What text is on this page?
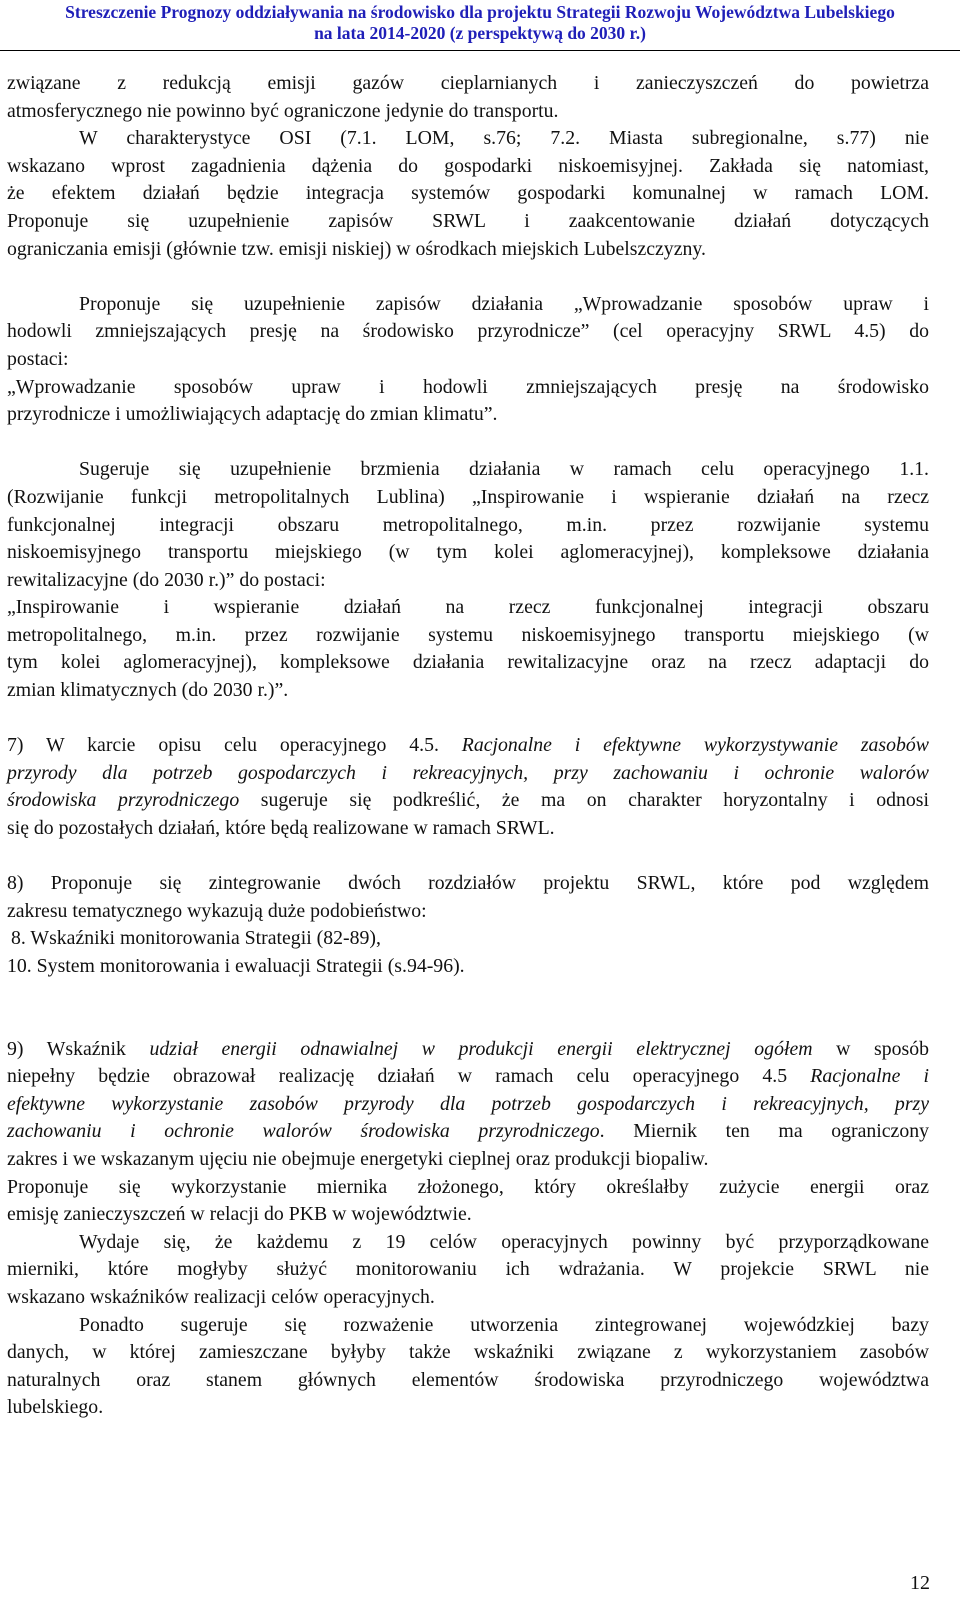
Streszczenie Prognozy oddziaływania na środowisko dla projektu Strategii Rozwoju Województwa Lubelskiego
na lata 2014-2020 (z perspektywą do 2030 r.)
związane z redukcją emisji gazów cieplarnianych i zanieczyszczeń do powietrza
atmosferycznego nie powinno być ograniczone jedynie do transportu.
W charakterystyce OSI (7.1. LOM, s.76; 7.2. Miasta subregionalne, s.77) nie
wskazano wprost zagadnienia dążenia do gospodarki niskoemisyjnej. Zakłada się natomiast,
że efektem działań będzie integracja systemów gospodarki komunalnej w ramach LOM.
Proponuje się uzupełnienie zapisów SRWL i zaakcentowanie działań dotyczących
ograniczania emisji (głównie tzw. emisji niskiej) w ośrodkach miejskich Lubelszczyzny.
Proponuje się uzupełnienie zapisów działania „Wprowadzanie sposobów upraw i
hodowli zmniejszających presję na środowisko przyrodnicze” (cel operacyjny SRWL 4.5) do
postaci:
„Wprowadzanie sposobów upraw i hodowli zmniejszających presję na środowisko
przyrodnicze i umożliwiających adaptację do zmian klimatu”.
Sugeruje się uzupełnienie brzmienia działania w ramach celu operacyjnego 1.1.
(Rozwijanie funkcji metropolitalnych Lublina) „Inspirowanie i wspieranie działań na rzecz
funkcjonalnej integracji obszaru metropolitalnego, m.in. przez rozwijanie systemu
niskoemisyjnego transportu miejskiego (w tym kolei aglomeracyjnej), kompleksowe działania
rewitalizacyjne (do 2030 r.)” do postaci:
„Inspirowanie i wspieranie działań na rzecz funkcjonalnej integracji obszaru
metropolitalnego, m.in. przez rozwijanie systemu niskoemisyjnego transportu miejskiego (w
tym kolei aglomeracyjnej), kompleksowe działania rewitalizacyjne oraz na rzecz adaptacji do
zmian klimatycznych (do 2030 r.)”.
7) W karcie opisu celu operacyjnego 4.5. Racjonalne i efektywne wykorzystywanie zasobów
przyrody dla potrzeb gospodarczych i rekreacyjnych, przy zachowaniu i ochronie walorów
środowiska przyrodniczego sugeruje się podkreślić, że ma on charakter horyzontalny i odnosi
się do pozostałych działań, które będą realizowane w ramach SRWL.
8) Proponuje się zintegrowanie dwóch rozdziałów projektu SRWL, które pod względem
zakresu tematycznego wykazują duże podobieństwo:
8. Wskaźniki monitorowania Strategii (82-89),
10. System monitorowania i ewaluacji Strategii (s.94-96).
9) Wskaźnik udział energii odnawialnej w produkcji energii elektrycznej ogółem w sposób
niepełny będzie obrazował realizację działań w ramach celu operacyjnego 4.5 Racjonalne i
efektywne wykorzystanie zasobów przyrody dla potrzeb gospodarczych i rekreacyjnych, przy
zachowaniu i ochronie walorów środowiska przyrodniczego. Miernik ten ma ograniczony
zakres i we wskazanym ujęciu nie obejmuje energetyki cieplnej oraz produkcji biopaliw.
Proponuje się wykorzystanie miernika złożonego, który określałby zużycie energii oraz
emisję zanieczyszczeń w relacji do PKB w województwie.
Wydaje się, że każdemu z 19 celów operacyjnych powinny być przyporządkowane
mierniki, które mogłyby służyć monitorowaniu ich wdrażania. W projekcie SRWL nie
wskazano wskaźników realizacji celów operacyjnych.
Ponadto sugeruje się rozważenie utworzenia zintegrowanej wojewódzkiej bazy
danych, w której zamieszczane byłyby także wskaźniki związane z wykorzystaniem zasobów
naturalnych oraz stanem głównych elementów środowiska przyrodniczego województwa
lubelskiego.
12
